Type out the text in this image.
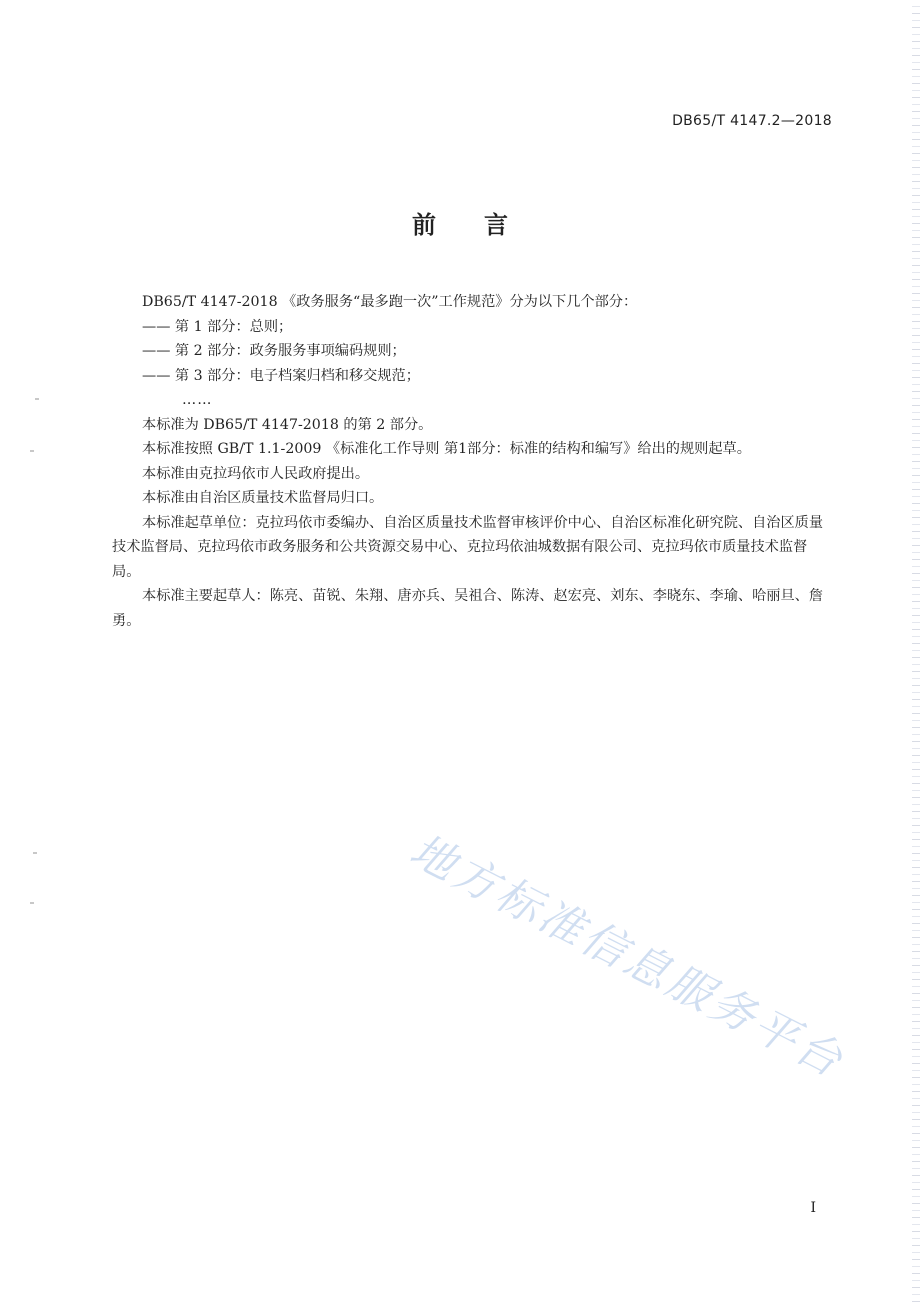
DB65/T 4147.2—2018
前言

DB65/T 4147-2018 《政务服务“最多跑一次”工作规范》分为以下几个部分：

—— 第 1 部分：总则；

—— 第 2 部分：政务服务事项编码规则；

—— 第 3 部分：电子档案归档和移交规范；

……

本标准为 DB65/T 4147-2018 的第 2 部分。

本标准按照 GB/T 1.1-2009 《标准化工作导则 第1部分：标准的结构和编写》给出的规则起草。

本标准由克拉玛依市人民政府提出。

本标准由自治区质量技术监督局归口。

本标准起草单位：克拉玛依市委编办、自治区质量技术监督审核评价中心、自治区标准化研究院、自治区质量技术监督局、克拉玛依市政务服务和公共资源交易中心、克拉玛依油城数据有限公司、克拉玛依市质量技术监督局。

本标准主要起草人：陈亮、苗锐、朱翔、唐亦兵、吴祖合、陈涛、赵宏亮、刘东、李晓东、李瑜、哈丽旦、詹勇。

地方标准信息服务平台
I
